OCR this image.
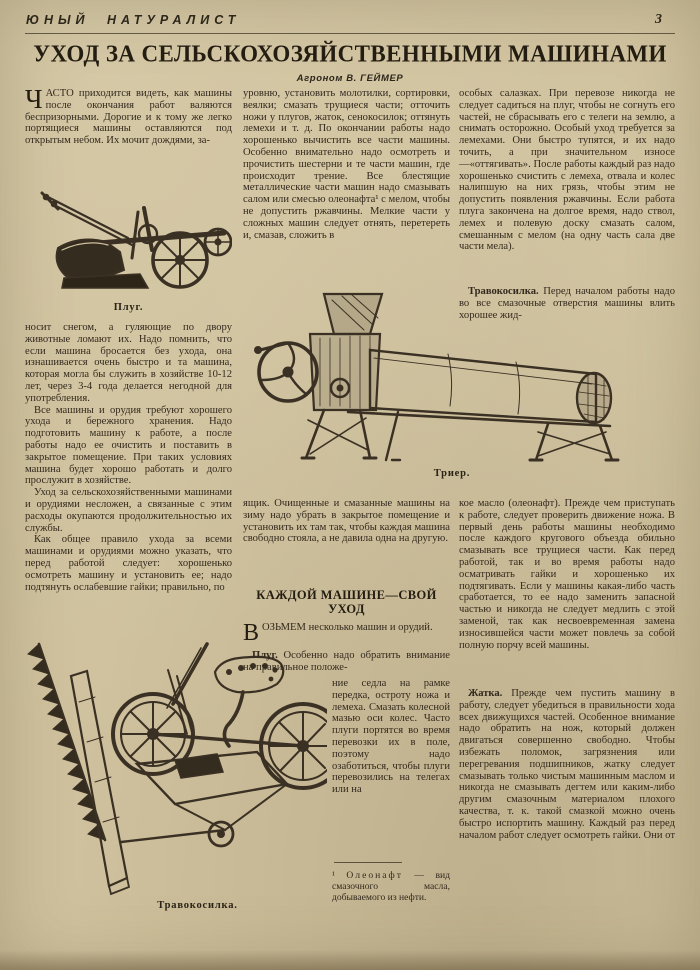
ЮНЫЙ НАТУРАЛИСТ	3
УХОД ЗА СЕЛЬСКОХОЗЯЙСТВЕННЫМИ МАШИНАМИ
Агроном В. ГЕЙМЕР

ЧАСТО приходится видеть, как машины после окончания работ валяются беспризорными. Дорогие и к тому же легко портящиеся машины оставляются под открытым небом. Их мочит дождями, за-

Плуг.

носит снегом, а гуляющие по двору животные ломают их. Надо помнить, что если машина бросается без ухода, она изнашивается очень быстро и та машина, которая могла бы служить в хозяйстве 10-12 лет, через 3-4 года делается негодной для употребления.

Все машины и орудия требуют хорошего ухода и бережного хранения. Надо подготовить машину к работе, а после работы надо ее очистить и поставить в закрытое помещение. При таких условиях машина будет хорошо работать и долго прослужит в хозяйстве.

Уход за сельскохозяйственными машинами и орудиями несложен, а связанные с этим расходы окупаются продолжительностью их службы.

Как общее правило ухода за всеми машинами и орудиями можно указать, что перед работой следует: хорошенько осмотреть машину и установить ее; надо подтянуть ослабевшие гайки; правильно, по

Травокосилка.

уровню, установить молотилки, сортировки, веялки; смазать трущиеся части; отточить ножи у плугов, жаток, сенокосилок; оттянуть лемехи и т. д. По окончании работы надо хорошенько вычистить все части машины. Особенно внимательно надо осмотреть и прочистить шестерни и те части машин, где происходит трение. Все блестящие металлические части машин надо смазывать салом или смесью олеонафта¹ с мелом, чтобы не допустить ржавчины. Мелкие части у сложных машин следует отнять, перетереть и, смазав, сложить в

Триер.

ящик. Очищенные и смазанные машины на зиму надо убрать в закрытое помещение и установить их там так, чтобы каждая машина свободно стояла, а не давила одна на другую.

КАЖДОЙ МАШИНЕ—СВОЙ УХОД

ВОЗЬМЕМ несколько машин и орудий.

Плуг. Особенно надо обратить внимание на правильное положе-

ние седла на рамке передка, остроту ножа и лемеха. Смазать колесной мазью оси колес. Часто плуги портятся во время перевозки их в поле, поэтому надо озаботиться, чтобы плуги перевозились на телегах или на

¹ Олеонафт — вид смазочного масла, добываемого из нефти.

особых салазках. При перевозе никогда не следует садиться на плуг, чтобы не согнуть его частей, не сбрасывать его с телеги на землю, а снимать осторожно. Особый уход требуется за лемехами. Они быстро тупятся, и их надо точить, а при значительном износе—«оттягивать». После работы каждый раз надо хорошенько счистить с лемеха, отвала и колес налипшую на них грязь, чтобы этим не допустить появления ржавчины. Если работа плуга закончена на долгое время, надо ствол, лемех и полевую доску смазать салом, смешанным с мелом (на одну часть сала две части мела).

Травокосилка. Перед началом работы надо во все смазочные отверстия машины влить хорошее жид-

кое масло (олеонафт). Прежде чем приступать к работе, следует проверить движение ножа. В первый день работы машины необходимо после каждого кругового объезда обильно смазывать все трущиеся части. Как перед работой, так и во время работы надо осматривать гайки и хорошенько их подтягивать. Если у машины какая-либо часть сработается, то ее надо заменить запасной частью и никогда не следует медлить с этой заменой, так как несвоевременная замена износившейся части может повлечь за собой полную порчу всей машины.

Жатка. Прежде чем пустить машину в работу, следует убедиться в правильности хода всех движущихся частей. Особенное внимание надо обратить на нож, который должен двигаться совершенно свободно. Чтобы избежать поломок, загрязнения или перегревания подшипников, жатку следует смазывать только чистым машинным маслом и никогда не смазывать дегтем или каким-либо другим смазочным материалом плохого качества, т. к. такой смазкой можно очень быстро испортить машину. Каждый раз перед началом работ следует осмотреть гайки. Они от
